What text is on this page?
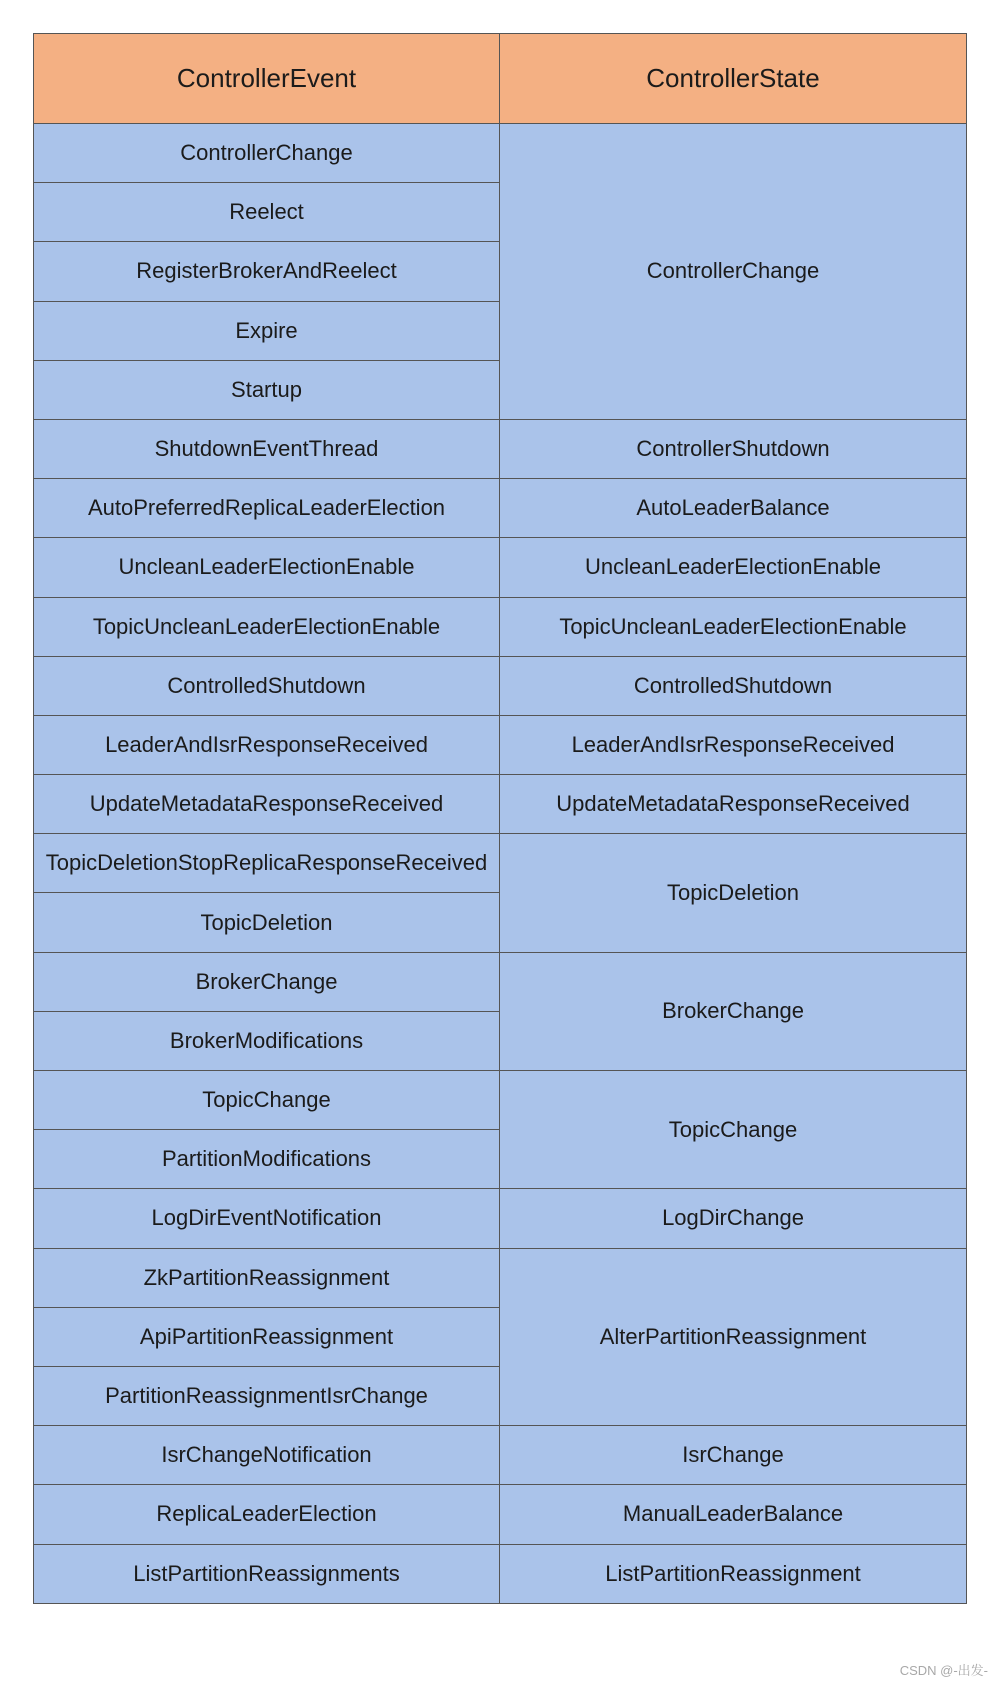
ControllerEvent	ControllerState
ControllerChange
Reelect
RegisterBrokerAndReelect
Expire
Startup
ShutdownEventThread
AutoPreferredReplicaLeaderElection
UncleanLeaderElectionEnable
TopicUncleanLeaderElectionEnable
ControlledShutdown
LeaderAndIsrResponseReceived
UpdateMetadataResponseReceived
TopicDeletionStopReplicaResponseReceived
TopicDeletion
BrokerChange
BrokerModifications
TopicChange
PartitionModifications
LogDirEventNotification
ZkPartitionReassignment
ApiPartitionReassignment
PartitionReassignmentIsrChange
IsrChangeNotification
ReplicaLeaderElection
ListPartitionReassignments
ControllerChange
ControllerShutdown
AutoLeaderBalance
UncleanLeaderElectionEnable
TopicUncleanLeaderElectionEnable
ControlledShutdown
LeaderAndIsrResponseReceived
UpdateMetadataResponseReceived
TopicDeletion
BrokerChange
TopicChange
LogDirChange
AlterPartitionReassignment
IsrChange
ManualLeaderBalance
ListPartitionReassignment
CSDN @-出发-
